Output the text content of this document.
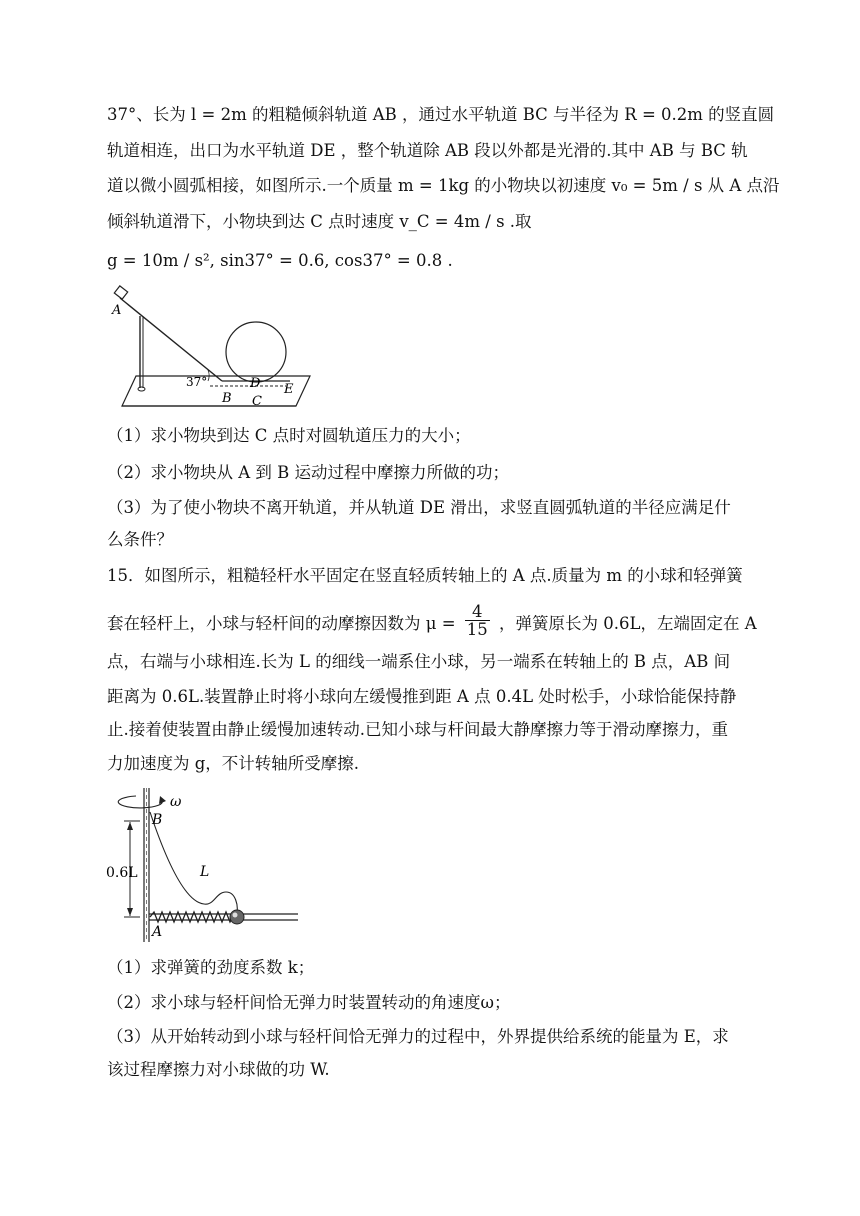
37°、长为 l = 2m 的粗糙倾斜轨道 AB ，通过水平轨道 BC 与半径为 R = 0.2m 的竖直圆
轨道相连，出口为水平轨道 DE ，整个轨道除 AB 段以外都是光滑的.其中 AB 与 BC 轨
道以微小圆弧相接，如图所示.一个质量 m = 1kg 的小物块以初速度 v₀ = 5m / s 从 A 点沿
倾斜轨道滑下，小物块到达 C 点时速度 v_C = 4m / s .取
g = 10m / s², sin37° = 0.6, cos37° = 0.8 .
A
37°
B C
D E
（1）求小物块到达 C 点时对圆轨道压力的大小；
（2）求小物块从 A 到 B 运动过程中摩擦力所做的功；
（3）为了使小物块不离开轨道，并从轨道 DE 滑出，求竖直圆弧轨道的半径应满足什
么条件？
15．如图所示，粗糙轻杆水平固定在竖直轻质转轴上的 A 点.质量为 m 的小球和轻弹簧
套在轻杆上，小球与轻杆间的动摩擦因数为 $\mu = \frac{4}{15}$ ，弹簧原长为 0.6L，左端固定在 A
点，右端与小球相连.长为 L 的细线一端系住小球，另一端系在转轴上的 B 点，AB 间
距离为 0.6L.装置静止时将小球向左缓慢推到距 A 点 0.4L 处时松手，小球恰能保持静
止.接着使装置由静止缓慢加速转动.已知小球与杆间最大静摩擦力等于滑动摩擦力，重
力加速度为 g，不计转轴所受摩擦.
ω
0.6L
B
L
A
（1）求弹簧的劲度系数 k；
（2）求小球与轻杆间恰无弹力时装置转动的角速度ω；
（3）从开始转动到小球与轻杆间恰无弹力的过程中，外界提供给系统的能量为 E，求
该过程摩擦力对小球做的功 W.
